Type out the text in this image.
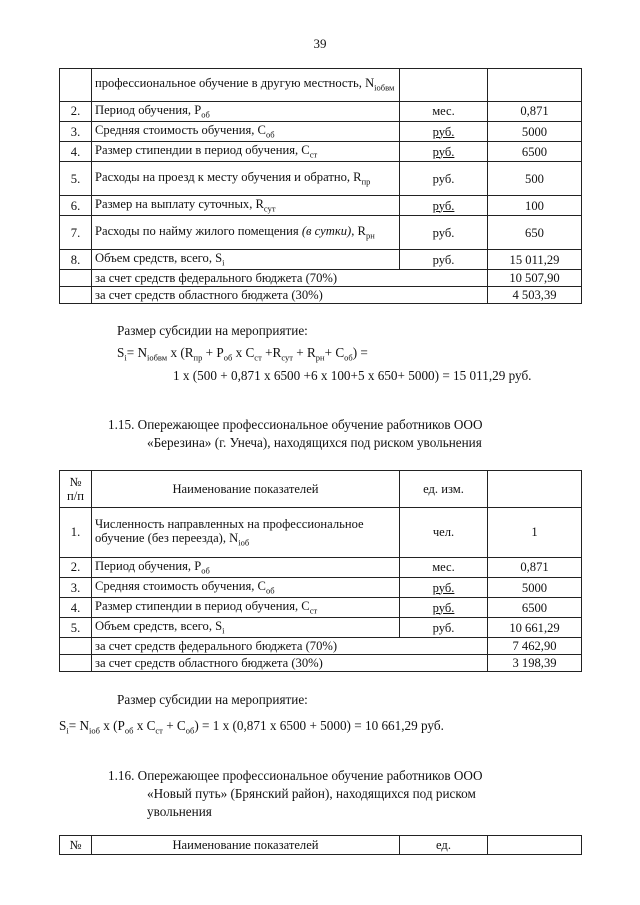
39
	профессиональное обучение в другую местность, $N_{iобвм}$		
2.	Период обучения, $P_{об}$	мес.	0,871
3.	Средняя стоимость обучения, $C_{об}$	руб.	5000
4.	Размер стипендии в период обучения, $C_{ст}$	руб.	6500
5.	Расходы на проезд к месту обучения и обратно, $R_{пр}$	руб.	500
6.	Размер на выплату суточных, $R_{сут}$	руб.	100
7.	Расходы по найму жилого помещения (в сутки), $R_{рн}$	руб.	650
8.	Объем средств, всего, $S_i$	руб.	15 011,29
	за счет средств федерального бюджета (70%)		10 507,90
	за счет средств областного бюджета (30%)		4 503,39
Размер субсидии на мероприятие:
$S_i= N_{iобвм}$ x ($R_{пр} + P_{об}$ x $C_{ст} +R_{сут} + R_{рн}+ C_{об}$) =
1 x (500 + 0,871 x 6500 +6 x 100+5 x 650+ 5000) = 15 011,29 руб.
1.15. Опережающее профессиональное обучение работников ООО
«Березина» (г. Унеча), находящихся под риском увольнения
№ п/п	Наименование показателей	ед. изм.	
1.	Численность направленных на профессиональное обучение (без переезда), $N_{iоб}$	чел.	1
2.	Период обучения, $P_{об}$	мес.	0,871
3.	Средняя стоимость обучения, $C_{об}$	руб.	5000
4.	Размер стипендии в период обучения, $C_{ст}$	руб.	6500
5.	Объем средств, всего, $S_i$	руб.	10 661,29
	за счет средств федерального бюджета (70%)		7 462,90
	за счет средств областного бюджета (30%)		3 198,39
Размер субсидии на мероприятие:
$S_i= N_{iоб}$ x ($P_{об}$ x $C_{ст} + C_{об}) = 1$ x (0,871 x 6500 + 5000) = 10 661,29 руб.
1.16. Опережающее профессиональное обучение работников ООО
«Новый путь» (Брянский район), находящихся под риском
увольнения
№	Наименование показателей	ед.	
